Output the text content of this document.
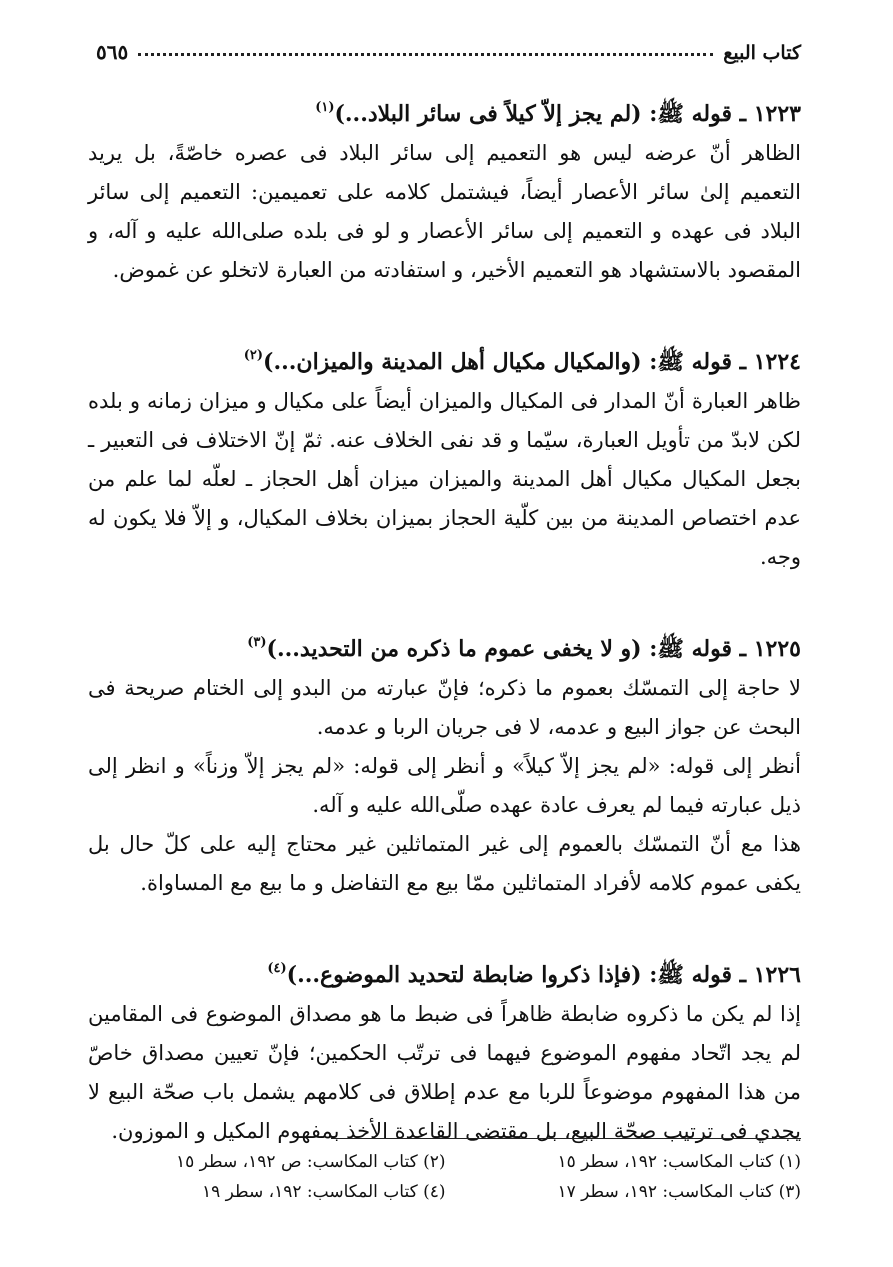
كتاب البيع
٥٦٥
١٢٢٣ ـ قوله ﷺ: (لم يجز إلاّ كيلاً فى سائر البلاد...)$^{(١)}$

الظاهر أنّ عرضه ليس هو التعميم إلى سائر البلاد فى عصره خاصّةً، بل يريد التعميم إلىٰ سائر الأعصار أيضاً، فيشتمل كلامه على تعميمين: التعميم إلى سائر البلاد فى عهده و التعميم إلى سائر الأعصار و لو فى بلده صلى‌الله عليه و آله، و المقصود بالاستشهاد هو التعميم الأخير، و استفادته من العبارة لاتخلو عن غموض.

١٢٢٤ ـ قوله ﷺ: (والمكيال مكيال أهل المدينة والميزان...)$^{(٢)}$

ظاهر العبارة أنّ المدار فى المكيال والميزان أيضاً على مكيال و ميزان زمانه و بلده لكن لابدّ من تأويل العبارة، سيّما و قد نفى الخلاف عنه. ثمّ إنّ الاختلاف فى التعبير ـ بجعل المكيال مكيال أهل المدينة والميزان ميزان أهل الحجاز ـ لعلّه لما علم من عدم اختصاص المدينة من بين كلّية الحجاز بميزان بخلاف المكيال، و إلاّ فلا يكون له وجه.

١٢٢٥ ـ قوله ﷺ: (و لا يخفى عموم ما ذكره من التحديد...)$^{(٣)}$

لا حاجة إلى التمسّك بعموم ما ذكره؛ فإنّ عبارته من البدو إلى الختام صريحة فى البحث عن جواز البيع و عدمه، لا فى جريان الربا و عدمه.

أنظر إلى قوله: «لم يجز إلاّ كيلاً» و أنظر إلى قوله: «لم يجز إلاّ وزناً» و انظر إلى ذيل عبارته فيما لم يعرف عادة عهده صلّى‌الله عليه و آله.

هذا مع أنّ التمسّك بالعموم إلى غير المتماثلين غير محتاج إليه على كلّ حال بل يكفى عموم كلامه لأفراد المتماثلين ممّا بيع مع التفاضل و ما بيع مع المساواة.

١٢٢٦ ـ قوله ﷺ: (فإذا ذكروا ضابطة لتحديد الموضوع...)$^{(٤)}$

إذا لم يكن ما ذكروه ضابطة ظاهراً فى ضبط ما هو مصداق الموضوع فى المقامين لم يجد اتّحاد مفهوم الموضوع فيهما فى ترتّب الحكمين؛ فإنّ تعيين مصداق خاصّ من هذا المفهوم موضوعاً للربا مع عدم إطلاق فى كلامهم يشمل باب صحّة البيع لا يجدي فى ترتيب صحّة البيع، بل مقتضى القاعدة الأخذ بمفهوم المكيل و الموزون.

(١) كتاب المكاسب: ١٩٢، سطر ١٥
(٢) كتاب المكاسب: ص ١٩٢، سطر ١٥
(٣) كتاب المكاسب: ١٩٢، سطر ١٧
(٤) كتاب المكاسب: ١٩٢، سطر ١٩
